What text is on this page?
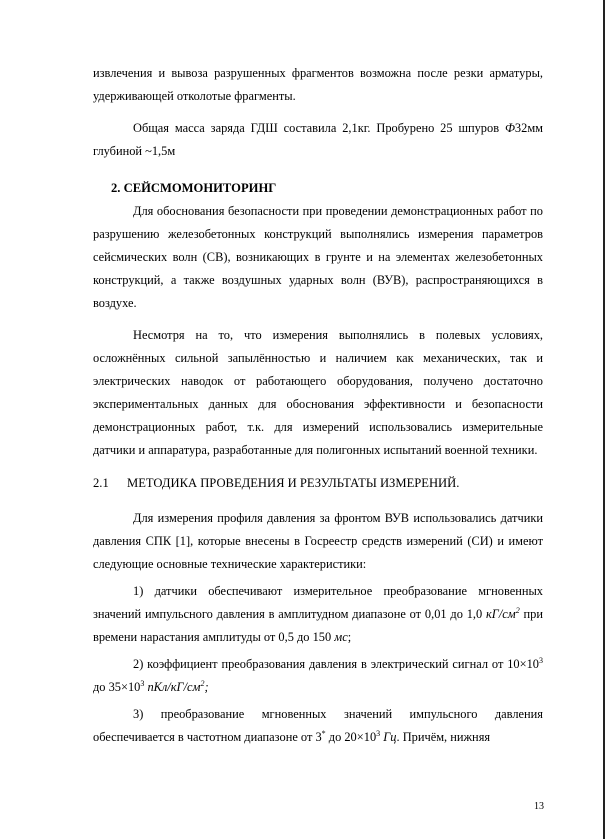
извлечения и вывоза разрушенных фрагментов возможна после резки арматуры, удерживающей отколотые фрагменты.

Общая масса заряда ГДШ составила 2,1кг. Пробурено 25 шпуров Ф32мм глубиной ~1,5м

2. СЕЙСМОМОНИТОРИНГ

Для обоснования безопасности при проведении демонстрационных работ по разрушению железобетонных конструкций выполнялись измерения параметров сейсмических волн (СВ), возникающих в грунте и на элементах железобетонных конструкций, а также воздушных ударных волн (ВУВ), распространяющихся в воздухе.

Несмотря на то, что измерения выполнялись в полевых условиях, осложнённых сильной запылённостью и наличием как механических, так и электрических наводок от работающего оборудования, получено достаточно экспериментальных данных для обоснования эффективности и безопасности демонстрационных работ, т.к. для измерений использовались измерительные датчики и аппаратура, разработанные для полигонных испытаний военной техники.

2.1 МЕТОДИКА ПРОВЕДЕНИЯ И РЕЗУЛЬТАТЫ ИЗМЕРЕНИЙ.

Для измерения профиля давления за фронтом ВУВ использовались датчики давления СПК [1], которые внесены в Госреестр средств измерений (СИ) и имеют следующие основные технические характеристики:

1) датчики обеспечивают измерительное преобразование мгновенных значений импульсного давления в амплитудном диапазоне от 0,01 до 1,0 $кГ/см^2$ при времени нарастания амплитуды от 0,5 до 150 мс;

2) коэффициент преобразования давления в электрический сигнал от $10\times 10^3$ до $35\times 10^3$ пКл/$кГ/см^2$;

3) преобразование мгновенных значений импульсного давления обеспечивается в частотном диапазоне от 3* до $20\times 10^3$ Гц. Причём, нижняя

13
